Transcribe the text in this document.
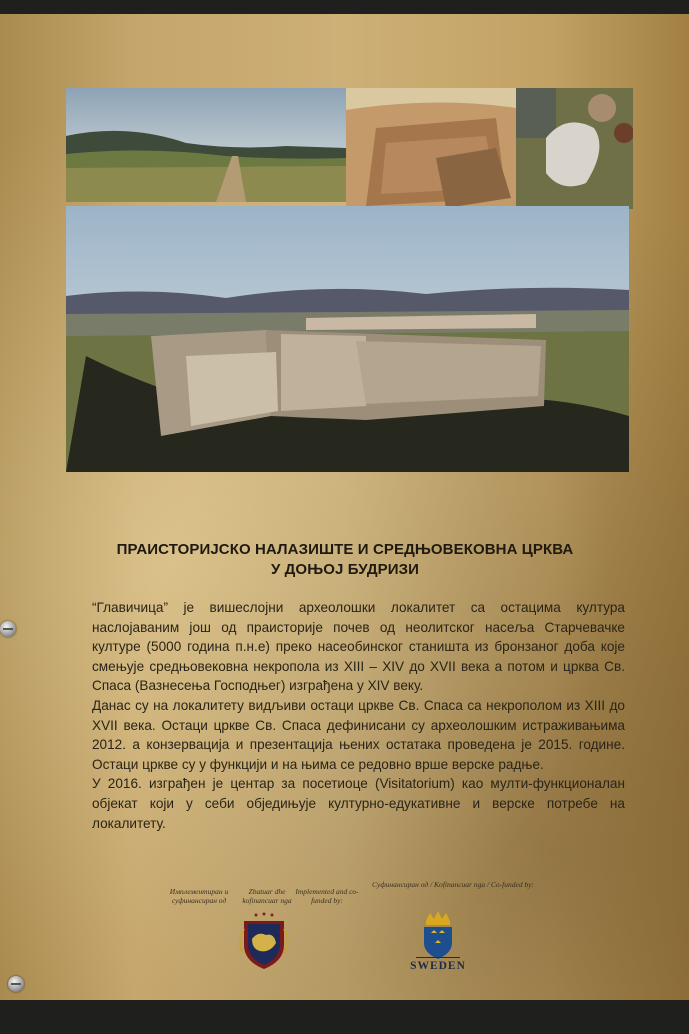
ПРАИСТОРИЈСКО НАЛАЗИШТЕ И СРЕДЊОВЕКОВНА ЦРКВА
У ДОЊОЈ БУДРИЗИ

“Главичица” је вишеслојни археолошки локалитет са остацима култура наслојаваним још од праисторије почев од неолитског насеља Старчевачке културе (5000 година п.н.е) преко насеобинског станишта из бронзаног доба које смењује средњовековна некропола из XIII – XIV до XVII века а потом и црква Св. Спаса (Вазнесења Господњег) изграђена у XIV веку.

Данас су на локалитету видљиви остаци цркве Св. Спаса са некрополом из XIII до XVII века. Остаци цркве Св. Спаса дефинисани су археолошким истраживањима 2012. а конзервација и презентација њених остатака проведена је 2015. године. Остаци цркве су у функцији и на њима се редовно врше верске радње.

У 2016. изграђен је центар за посетиоце (Visitatorium) као мулти-функционалан објекат који у себи обједињује културно-едукативне и верске потребе на локалитету.

Имплементиран и суфинансиран од
Zbatuar dhe kofinancuar nga
Implemented and co-funded by:
Суфинансиран од / Kofinancuar nga / Co-funded by:
SWEDEN
